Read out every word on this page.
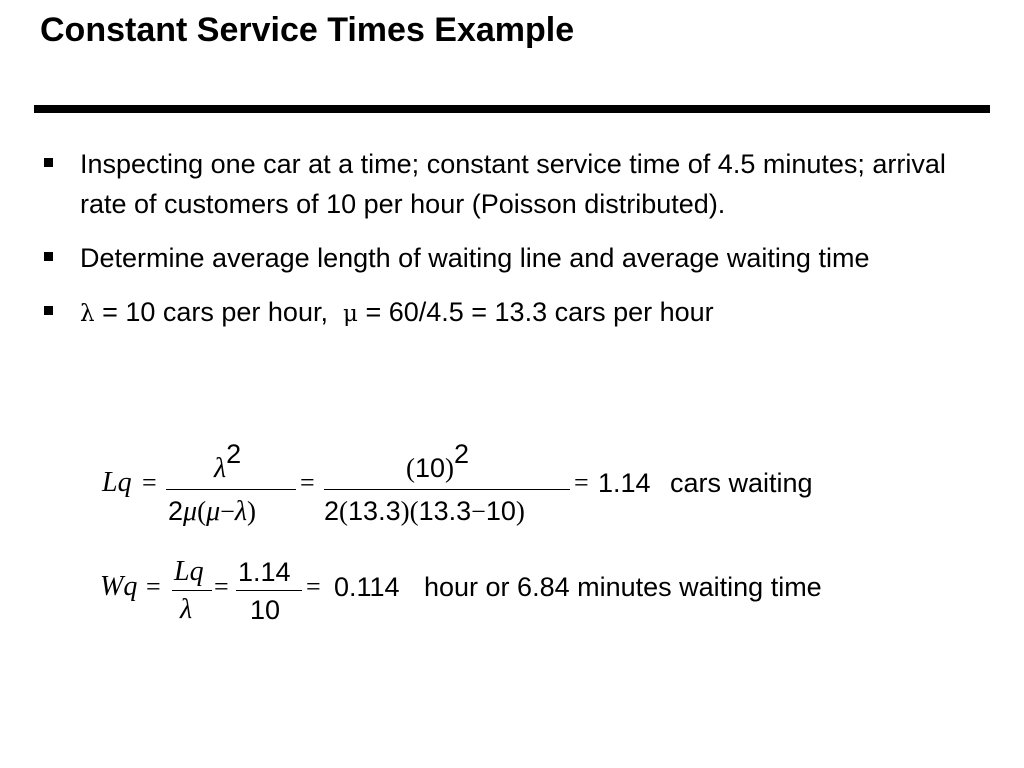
Constant Service Times Example
Inspecting one car at a time; constant service time of 4.5 minutes; arrival rate of customers of 10 per hour (Poisson distributed).
Determine average length of waiting line and average waiting time
λ = 10 cars per hour, μ = 60/4.5 = 13.3 cars per hour
Lq = λ2
2μ(μ−λ)
=	(10)2
2(13.3)(13.3−10)
= 1.14 cars waiting
Wq = Lq
λ
= 1.14
10
= 0.114 hour or 6.84 minutes waiting time
